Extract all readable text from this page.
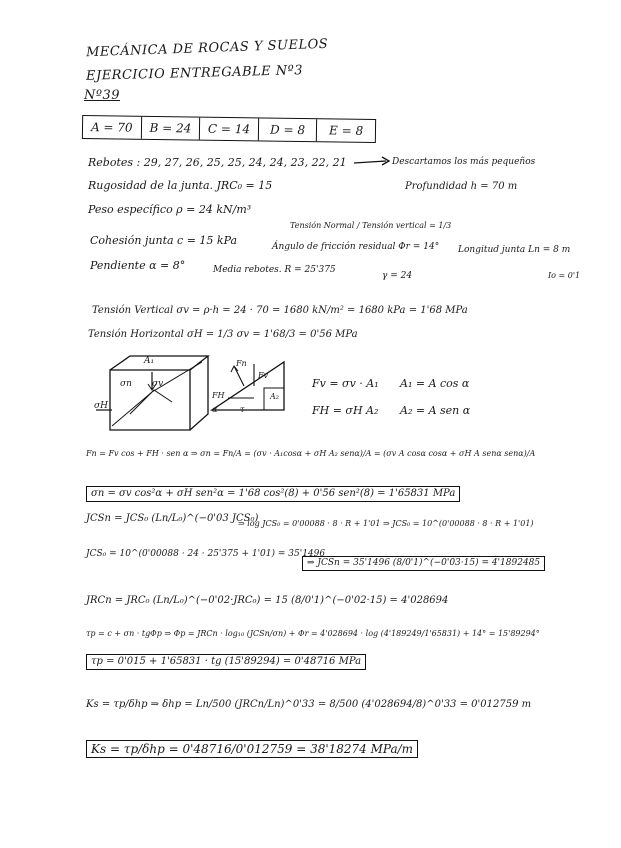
MECÁNICA DE ROCAS Y SUELOS
EJERCICIO ENTREGABLE Nº3
Nº39
A = 70	B = 24	C = 14	D = 8	E = 8
Rebotes : 29, 27, 26, 25, 25, 24, 24, 23, 22, 21	Descartamos los más pequeños
Rugosidad de la junta. JRC₀ = 15	Profundidad h = 70 m
Peso específico ρ = 24 kN/m³
Tensión Normal / Tensión vertical = 1/3
Cohesión junta c = 15 kPa	Ángulo de fricción residual Φr = 14° Longitud junta Ln = 8 m
Pendiente α = 8°	Media rebotes. R = 25'375
γ = 24	Io = 0'1
Tensión Vertical σv = ρ·h = 24 · 70 = 1680 kN/m² = 1680 kPa = 1'68 MPa
Tensión Horizontal σH = 1/3 σv = 1'68/3 = 0'56 MPa
A₁
σn σv
σH
Fn
Fv
FH
α
A₂
τ
Fv = σv · A₁ A₁ = A cos α
FH = σH A₂ A₂ = A sen α
Fn = Fv cos + FH · sen α ⇒ σn = Fn/A = (σv · A₁cosα + σH A₂ senα)/A = (σv A cosα cosα + σH A senα senα)/A
σn = σv cos²α + σH sen²α = 1'68 cos²(8) + 0'56 sen²(8) = 1'65831 MPa
JCSn = JCS₀ (Ln/L₀)^(−0'03 JCS₀)
⇒ log JCS₀ = 0'00088 · 8 · R + 1'01 ⇒ JCS₀ = 10^(0'00088 · 8 · R + 1'01)
JCS₀ = 10^(0'00088 · 24 · 25'375 + 1'01) = 35'1496
⇒ JCSn = 35'1496 (8/0'1)^(−0'03·15) = 4'1892485
JRCn = JRC₀ (Ln/L₀)^(−0'02·JRC₀) = 15 (8/0'1)^(−0'02·15) = 4'028694
τp = c + σn · tgΦp ⇒ Φp = JRCn · log₁₀ (JCSn/σn) + Φr = 4'028694 · log (4'189249/1'65831) + 14° = 15'89294°
τp = 0'015 + 1'65831 · tg (15'89294) = 0'48716 MPa
Ks = τp/δhp ⇒ δhp = Ln/500 (JRCn/Ln)^0'33 = 8/500 (4'028694/8)^0'33 = 0'012759 m
Ks = τp/δhp = 0'48716/0'012759 = 38'18274 MPa/m
